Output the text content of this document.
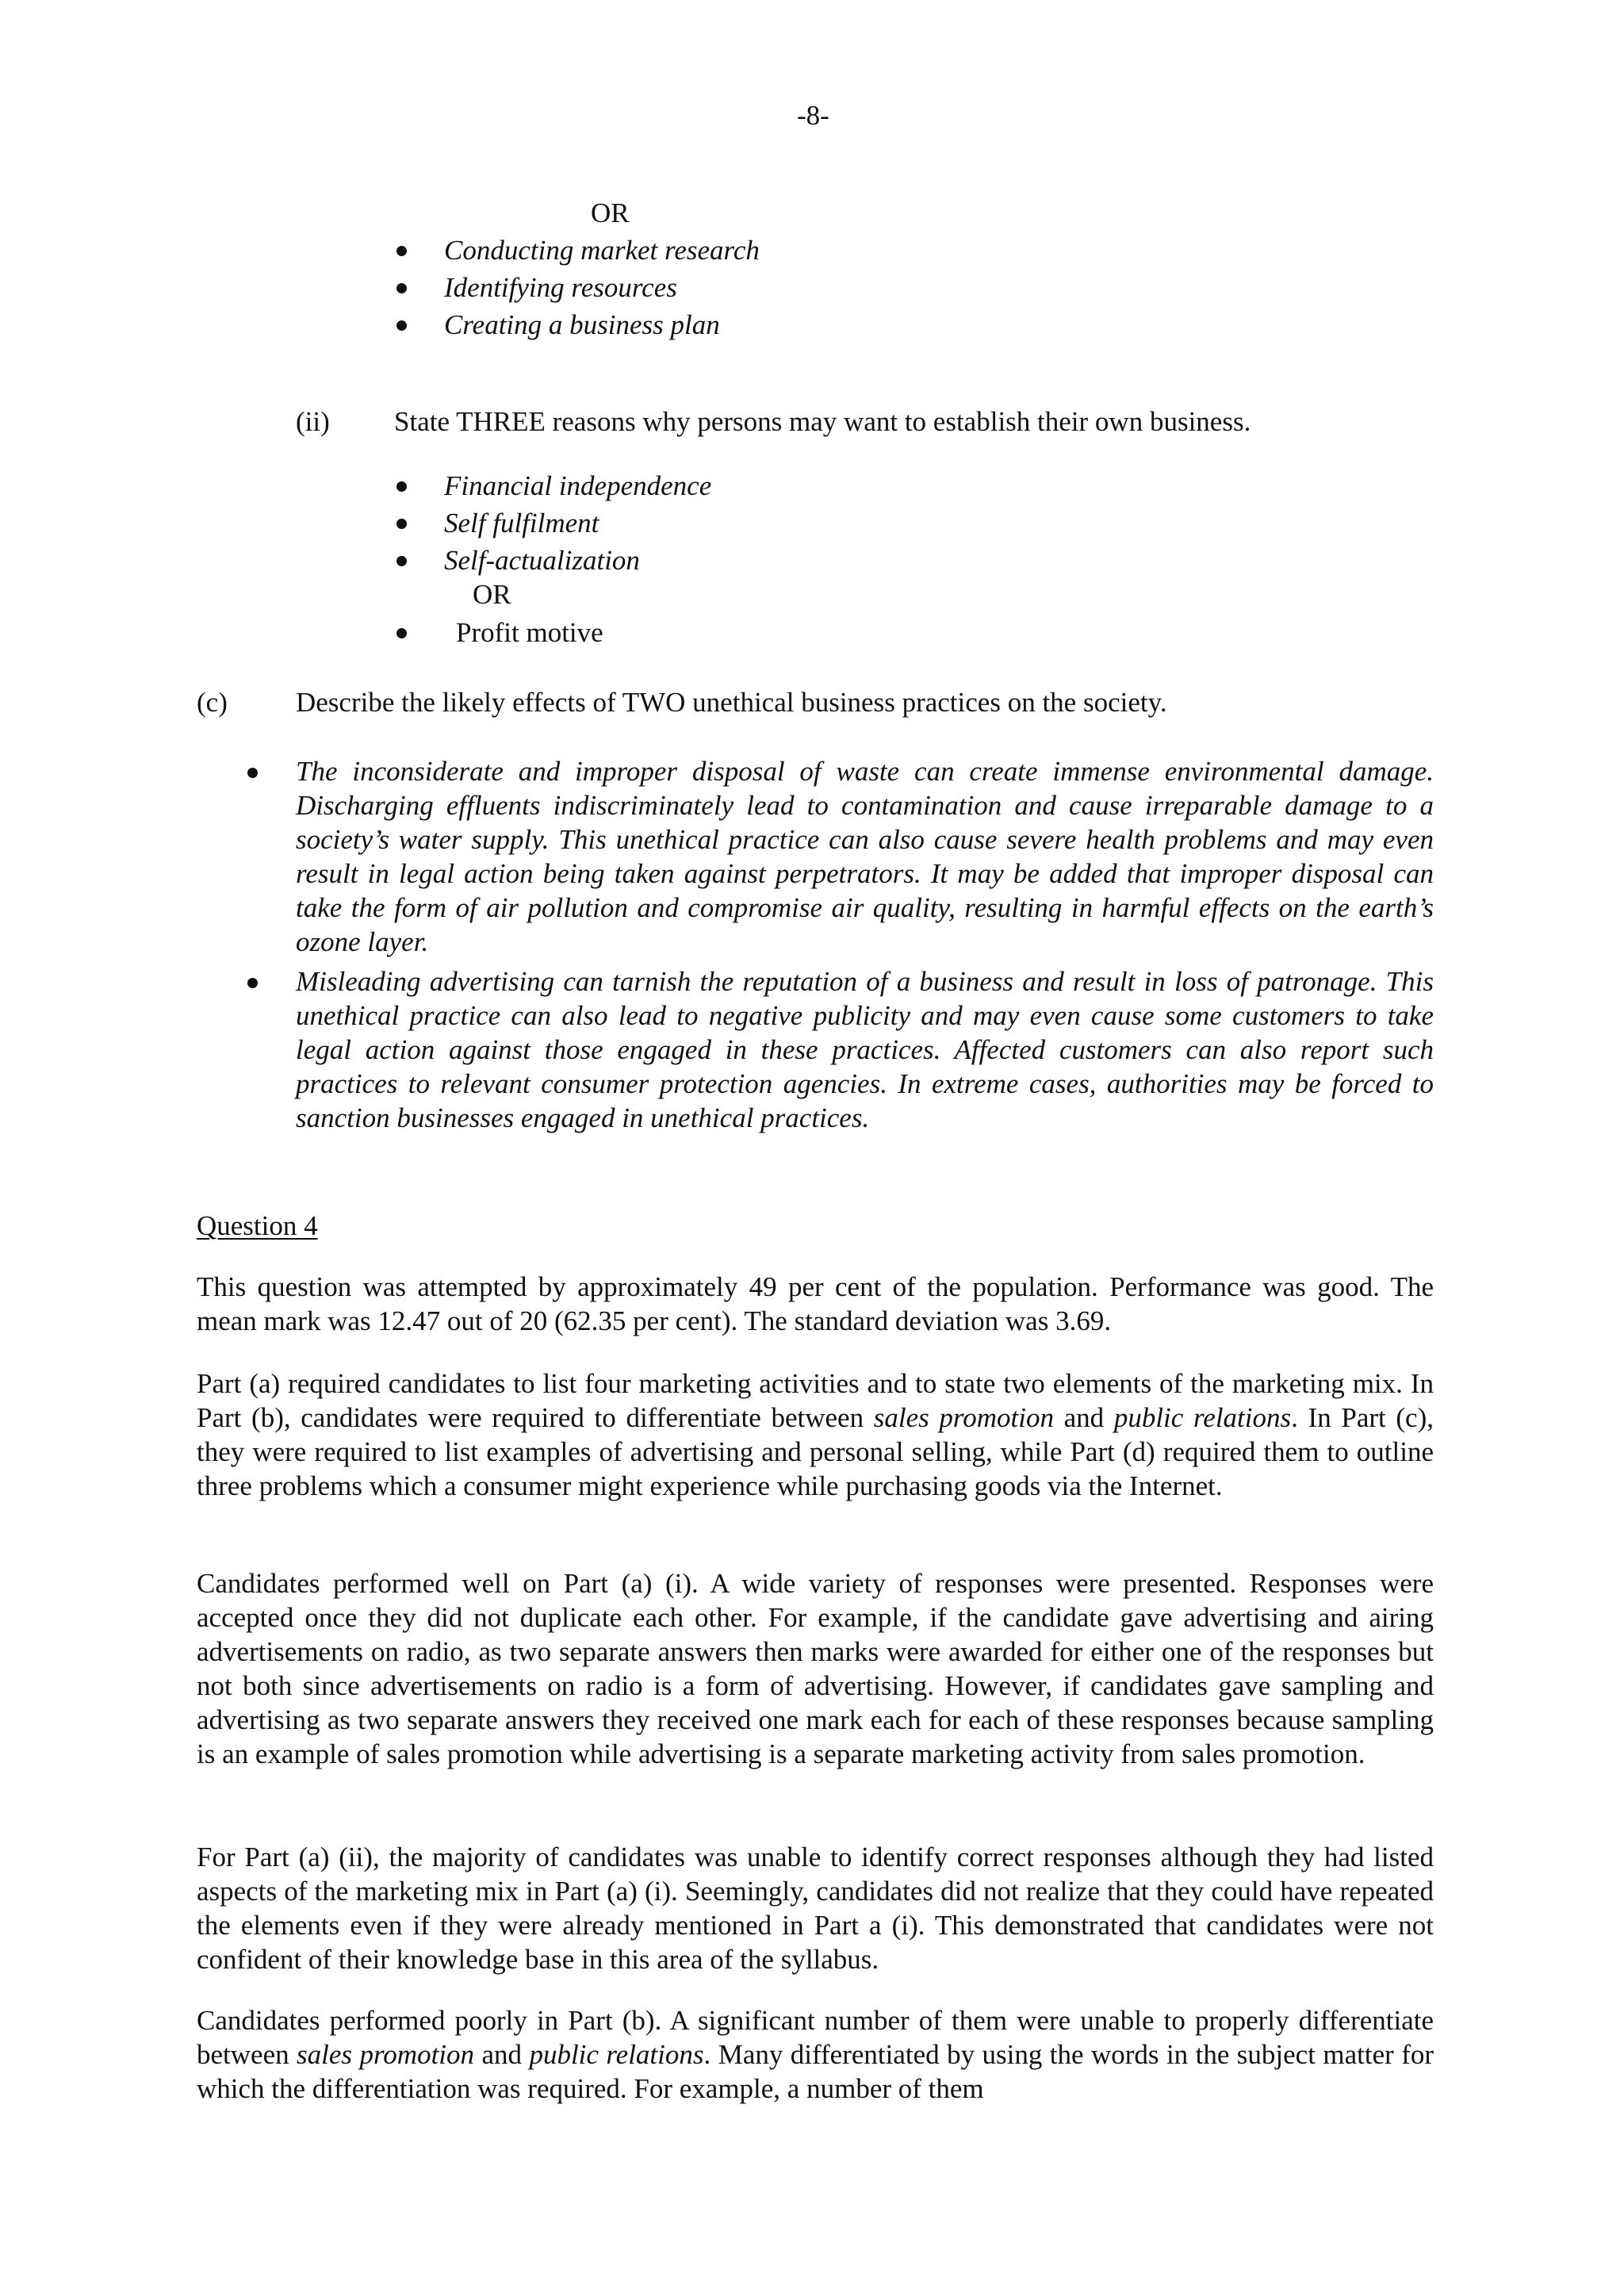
-8-
OR
Conducting market research
Identifying resources
Creating a business plan
(ii) State THREE reasons why persons may want to establish their own business.
Financial independence
Self fulfilment
Self-actualization
OR
Profit motive
(c) Describe the likely effects of TWO unethical business practices on the society.
The inconsiderate and improper disposal of waste can create immense environmental damage. Discharging effluents indiscriminately lead to contamination and cause irreparable damage to a society’s water supply. This unethical practice can also cause severe health problems and may even result in legal action being taken against perpetrators. It may be added that improper disposal can take the form of air pollution and compromise air quality, resulting in harmful effects on the earth’s ozone layer.
Misleading advertising can tarnish the reputation of a business and result in loss of patronage. This unethical practice can also lead to negative publicity and may even cause some customers to take legal action against those engaged in these practices. Affected customers can also report such practices to relevant consumer protection agencies. In extreme cases, authorities may be forced to sanction businesses engaged in unethical practices.
Question 4
This question was attempted by approximately 49 per cent of the population. Performance was good. The mean mark was 12.47 out of 20 (62.35 per cent). The standard deviation was 3.69.
Part (a) required candidates to list four marketing activities and to state two elements of the marketing mix. In Part (b), candidates were required to differentiate between sales promotion and public relations. In Part (c), they were required to list examples of advertising and personal selling, while Part (d) required them to outline three problems which a consumer might experience while purchasing goods via the Internet.
Candidates performed well on Part (a) (i). A wide variety of responses were presented. Responses were accepted once they did not duplicate each other. For example, if the candidate gave advertising and airing advertisements on radio, as two separate answers then marks were awarded for either one of the responses but not both since advertisements on radio is a form of advertising. However, if candidates gave sampling and advertising as two separate answers they received one mark each for each of these responses because sampling is an example of sales promotion while advertising is a separate marketing activity from sales promotion.
For Part (a) (ii), the majority of candidates was unable to identify correct responses although they had listed aspects of the marketing mix in Part (a) (i). Seemingly, candidates did not realize that they could have repeated the elements even if they were already mentioned in Part a (i). This demonstrated that candidates were not confident of their knowledge base in this area of the syllabus.
Candidates performed poorly in Part (b). A significant number of them were unable to properly differentiate between sales promotion and public relations. Many differentiated by using the words in the subject matter for which the differentiation was required. For example, a number of them
